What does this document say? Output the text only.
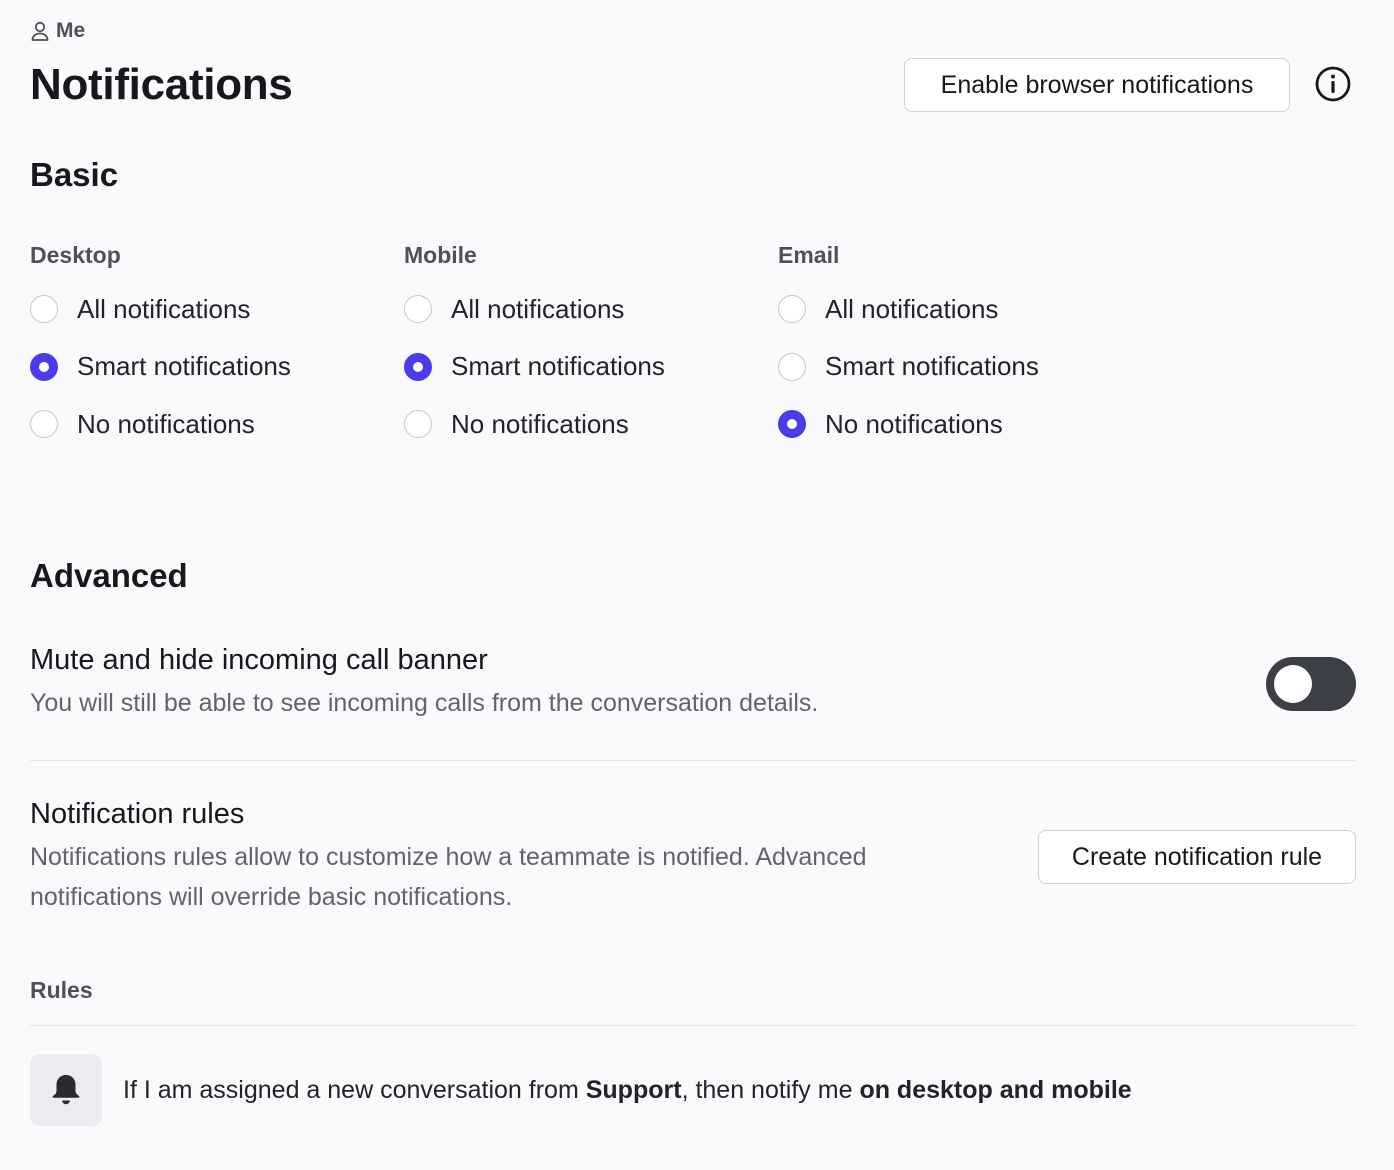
Me
Notifications	Enable browser notifications
Basic
Desktop
All notifications
Smart notifications
No notifications
Mobile
All notifications
Smart notifications
No notifications
Email
All notifications
Smart notifications
No notifications
Advanced
Mute and hide incoming call banner
You will still be able to see incoming calls from the conversation details.
Notification rules
Notifications rules allow to customize how a teammate is notified. Advanced notifications will override basic notifications.
Create notification rule
Rules
If I am assigned a new conversation from Support, then notify me on desktop and mobile
